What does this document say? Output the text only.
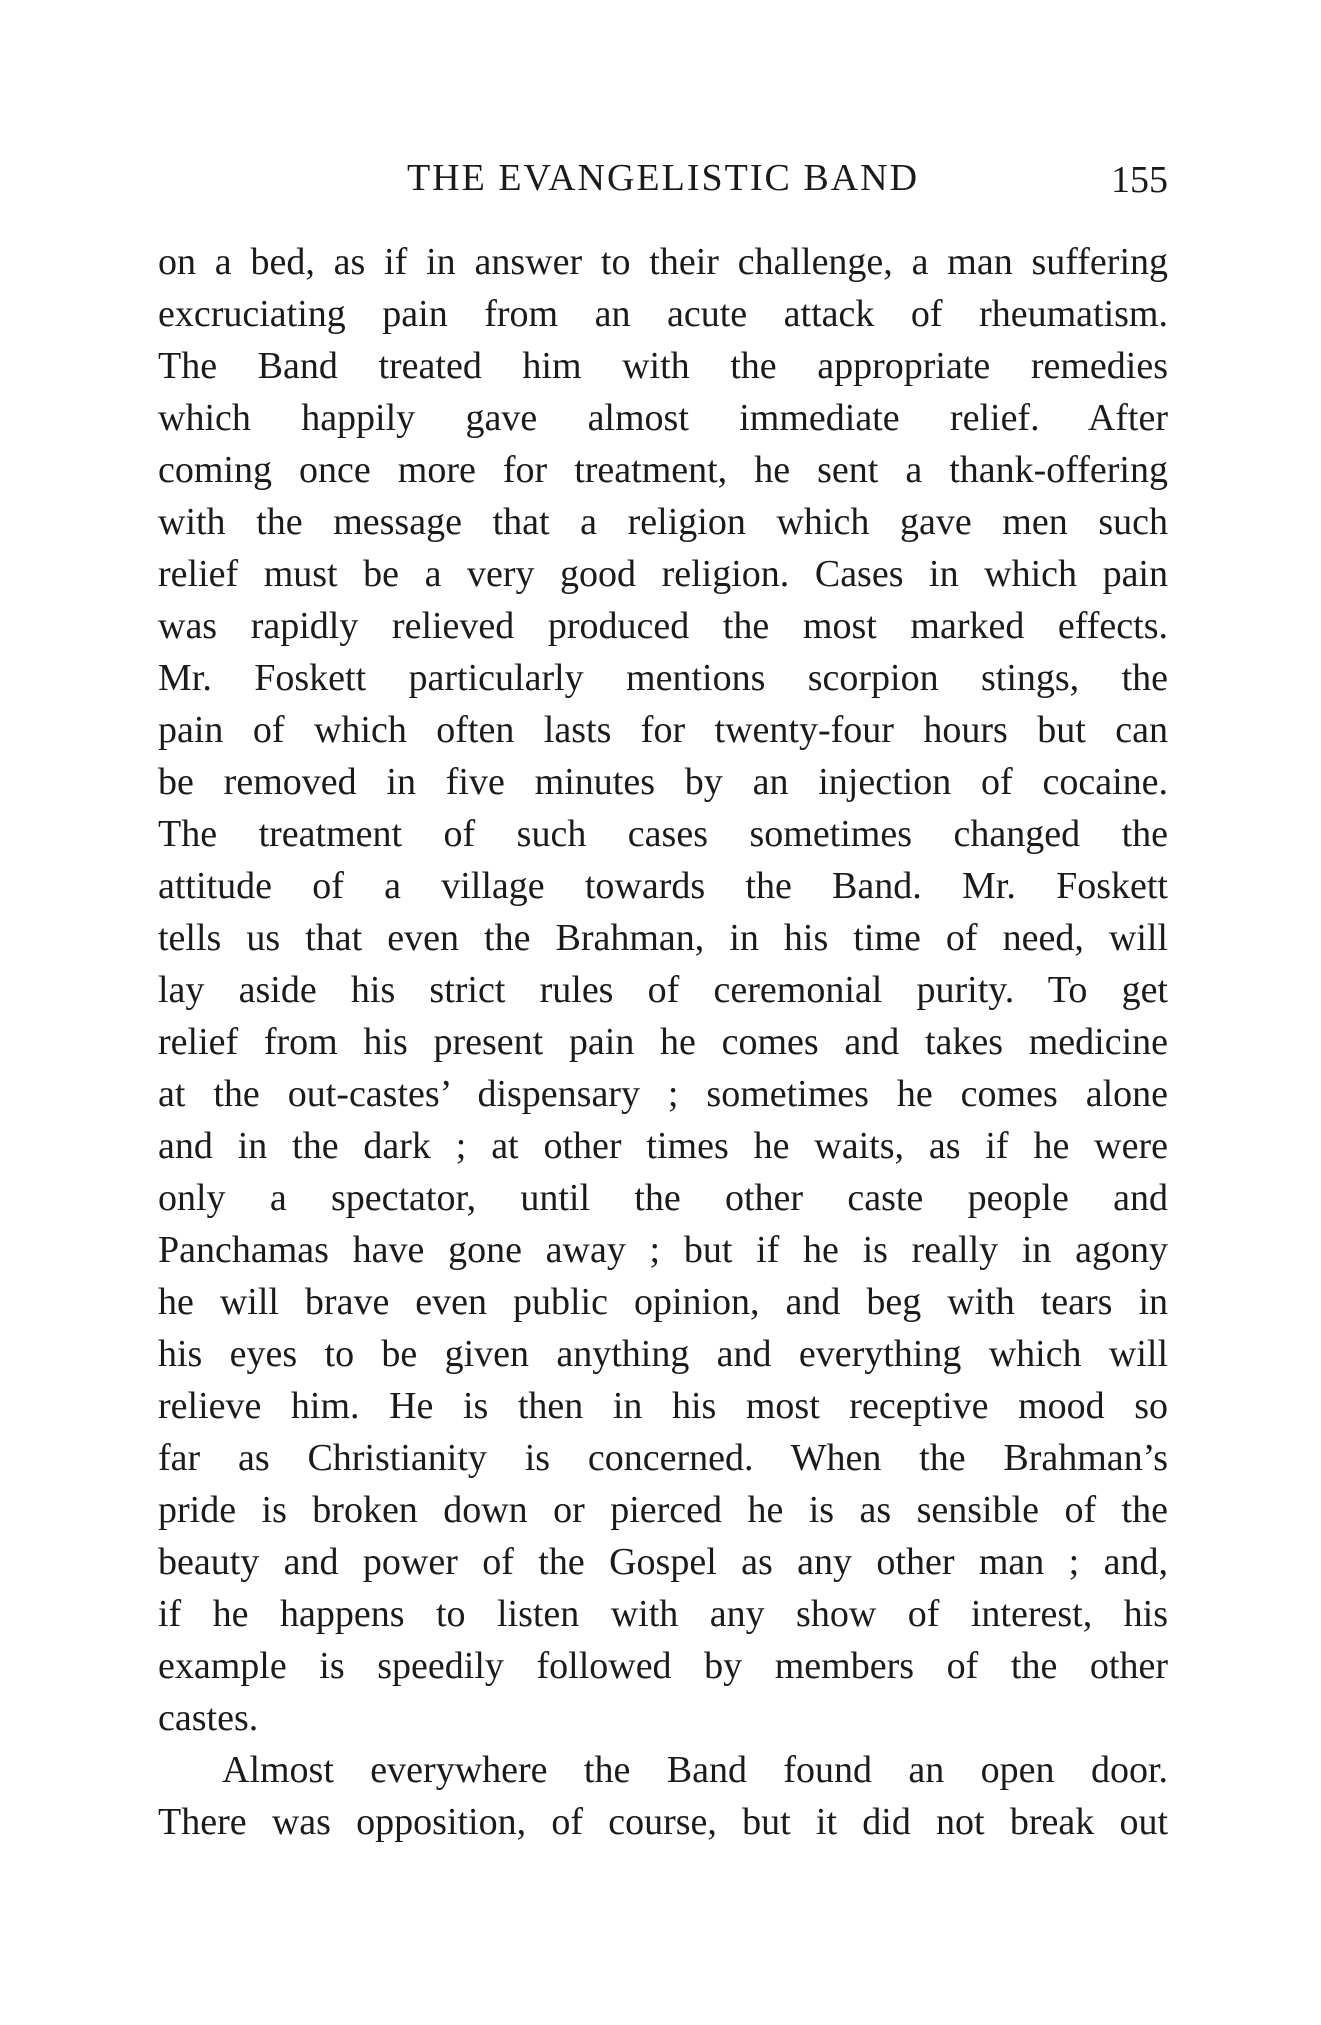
THE EVANGELISTIC BAND	155
on a bed, as if in answer to their challenge, a man suffering
excruciating pain from an acute attack of rheumatism.
The Band treated him with the appropriate remedies
which happily gave almost immediate relief. After
coming once more for treatment, he sent a thank-offering
with the message that a religion which gave men such
relief must be a very good religion. Cases in which pain
was rapidly relieved produced the most marked effects.
Mr. Foskett particularly mentions scorpion stings, the
pain of which often lasts for twenty-four hours but can
be removed in five minutes by an injection of cocaine.
The treatment of such cases sometimes changed the
attitude of a village towards the Band. Mr. Foskett
tells us that even the Brahman, in his time of need, will
lay aside his strict rules of ceremonial purity. To get
relief from his present pain he comes and takes medicine
at the out-castes’ dispensary ; sometimes he comes alone
and in the dark ; at other times he waits, as if he were
only a spectator, until the other caste people and
Panchamas have gone away ; but if he is really in agony
he will brave even public opinion, and beg with tears in
his eyes to be given anything and everything which will
relieve him. He is then in his most receptive mood so
far as Christianity is concerned. When the Brahman’s
pride is broken down or pierced he is as sensible of the
beauty and power of the Gospel as any other man ; and,
if he happens to listen with any show of interest, his
example is speedily followed by members of the other
castes.
Almost everywhere the Band found an open door.
There was opposition, of course, but it did not break out
